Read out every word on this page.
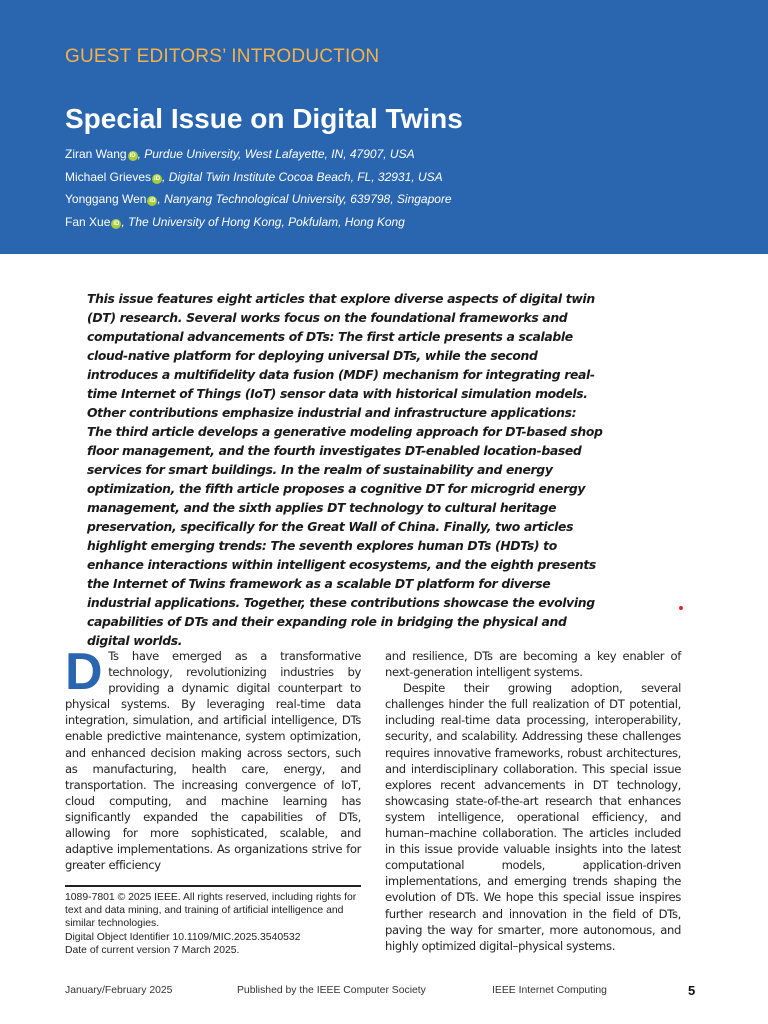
GUEST EDITORS’ INTRODUCTION
Special Issue on Digital Twins
Ziran Wang iD , Purdue University, West Lafayette, IN, 47907, USA
Michael Grieves iD , Digital Twin Institute Cocoa Beach, FL, 32931, USA
Yonggang Wen iD , Nanyang Technological University, 639798, Singapore
Fan Xue iD , The University of Hong Kong, Pokfulam, Hong Kong
This issue features eight articles that explore diverse aspects of digital twin (DT) research. Several works focus on the foundational frameworks and computational advancements of DTs: The first article presents a scalable cloud-native platform for deploying universal DTs, while the second introduces a multifidelity data fusion (MDF) mechanism for integrating real-time Internet of Things (IoT) sensor data with historical simulation models. Other contributions emphasize industrial and infrastructure applications: The third article develops a generative modeling approach for DT-based shop floor management, and the fourth investigates DT-enabled location-based services for smart buildings. In the realm of sustainability and energy optimization, the fifth article proposes a cognitive DT for microgrid energy management, and the sixth applies DT technology to cultural heritage preservation, specifically for the Great Wall of China. Finally, two articles highlight emerging trends: The seventh explores human DTs (HDTs) to enhance interactions within intelligent ecosystems, and the eighth presents the Internet of Twins framework as a scalable DT platform for diverse industrial applications. Together, these contributions showcase the evolving capabilities of DTs and their expanding role in bridging the physical and digital worlds.

D Ts have emerged as a transformative technology, revolutionizing industries by providing a dynamic digital counterpart to physical systems. By leveraging real-time data integration, simulation, and artificial intelligence, DTs enable predictive maintenance, system optimization, and enhanced decision making across sectors, such as manufacturing, health care, energy, and transportation. The increasing convergence of IoT, cloud computing, and machine learning has significantly expanded the capabilities of DTs, allowing for more sophisticated, scalable, and adaptive implementations. As organizations strive for greater efficiency

and resilience, DTs are becoming a key enabler of next-generation intelligent systems.

Despite their growing adoption, several challenges hinder the full realization of DT potential, including real-time data processing, interoperability, security, and scalability. Addressing these challenges requires innovative frameworks, robust architectures, and interdisciplinary collaboration. This special issue explores recent advancements in DT technology, showcasing state-of-the-art research that enhances system intelligence, operational efficiency, and human–machine collaboration. The articles included in this issue provide valuable insights into the latest computational models, application-driven implementations, and emerging trends shaping the evolution of DTs. We hope this special issue inspires further research and innovation in the field of DTs, paving the way for smarter, more autonomous, and highly optimized digital–physical systems.

1089-7801 © 2025 IEEE. All rights reserved, including rights for text and data mining, and training of artificial intelligence and similar technologies.
Digital Object Identifier 10.1109/MIC.2025.3540532
Date of current version 7 March 2025.
January/February 2025	Published by the IEEE Computer Society	IEEE Internet Computing	5
